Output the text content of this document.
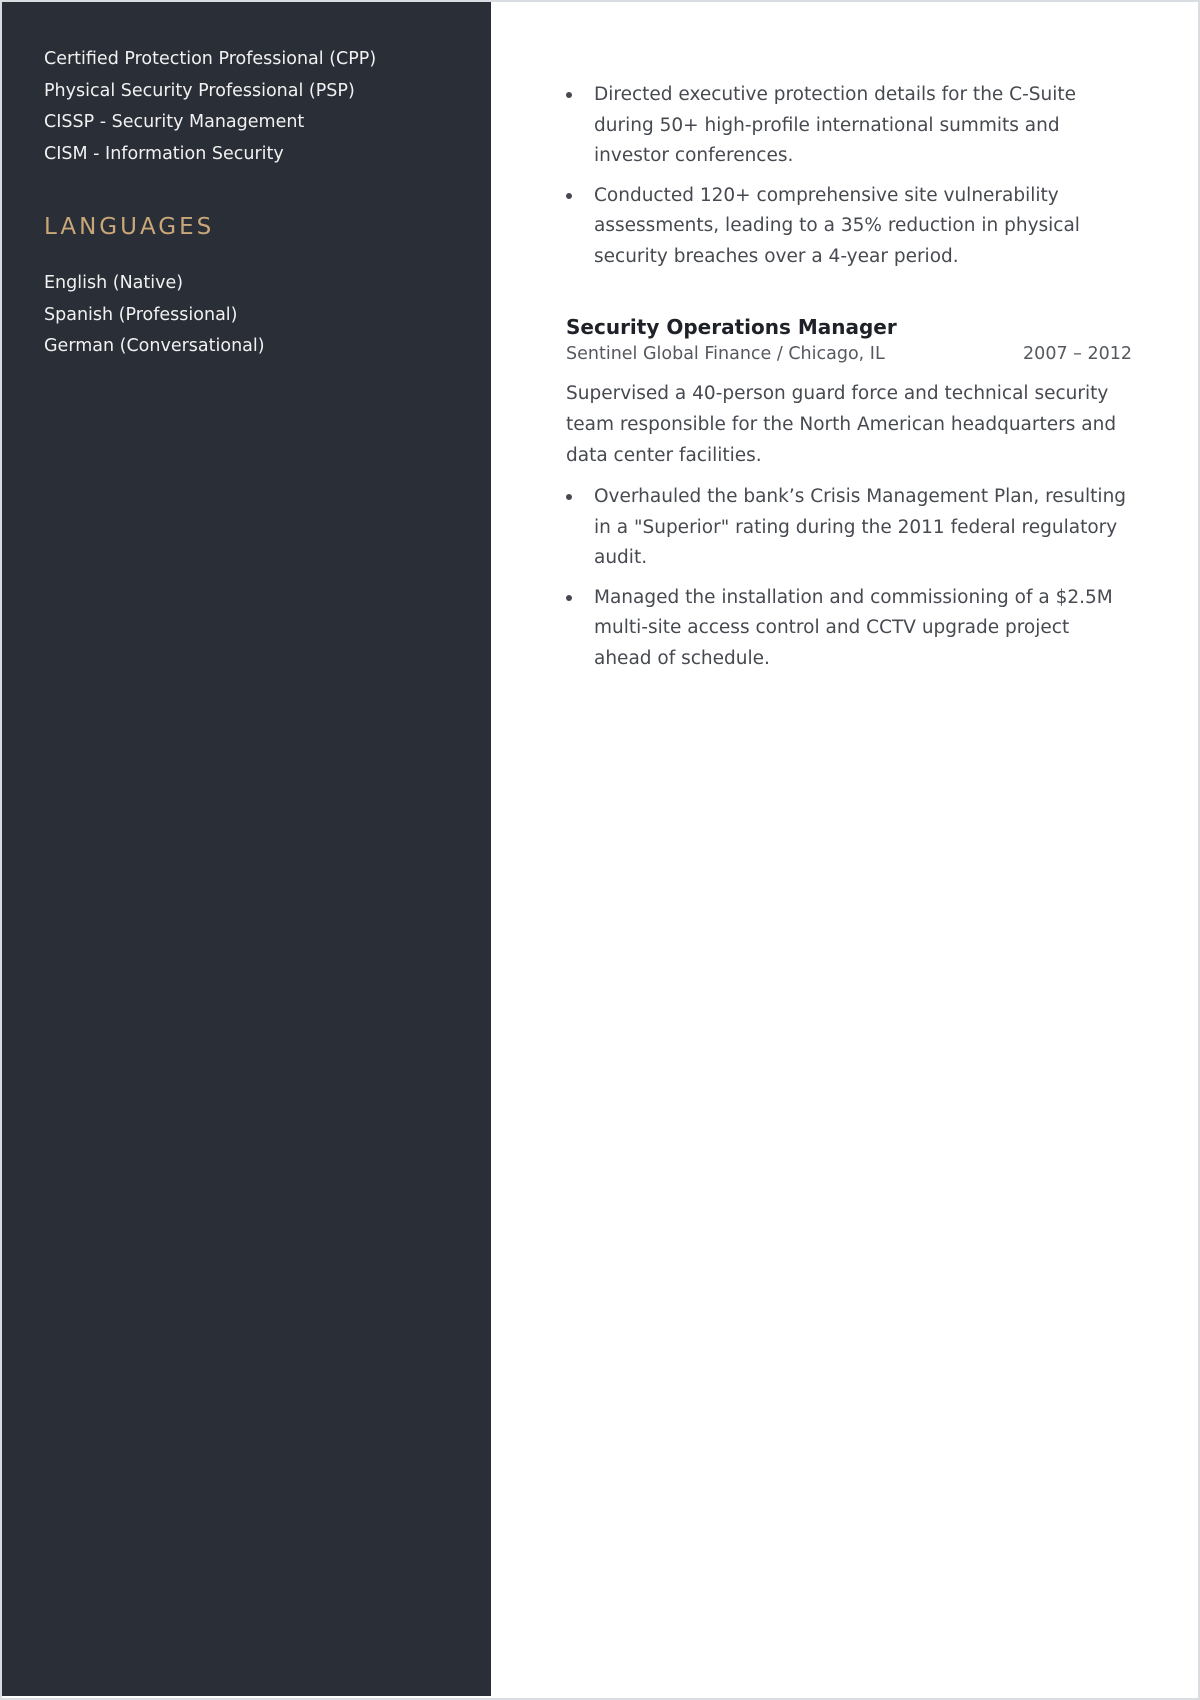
Certified Protection Professional (CPP)
Physical Security Professional (PSP)
CISSP - Security Management
CISM - Information Security
LANGUAGES
English (Native)
Spanish (Professional)
German (Conversational)
Directed executive protection details for the C-Suite during 50+ high-profile international summits and investor conferences.
Conducted 120+ comprehensive site vulnerability assessments, leading to a 35% reduction in physical security breaches over a 4-year period.
Security Operations Manager
Sentinel Global Finance / Chicago, IL	2007 – 2012

Supervised a 40-person guard force and technical security team responsible for the North American headquarters and data center facilities.

Overhauled the bank’s Crisis Management Plan, resulting in a "Superior" rating during the 2011 federal regulatory audit.
Managed the installation and commissioning of a $2.5M multi-site access control and CCTV upgrade project ahead of schedule.
